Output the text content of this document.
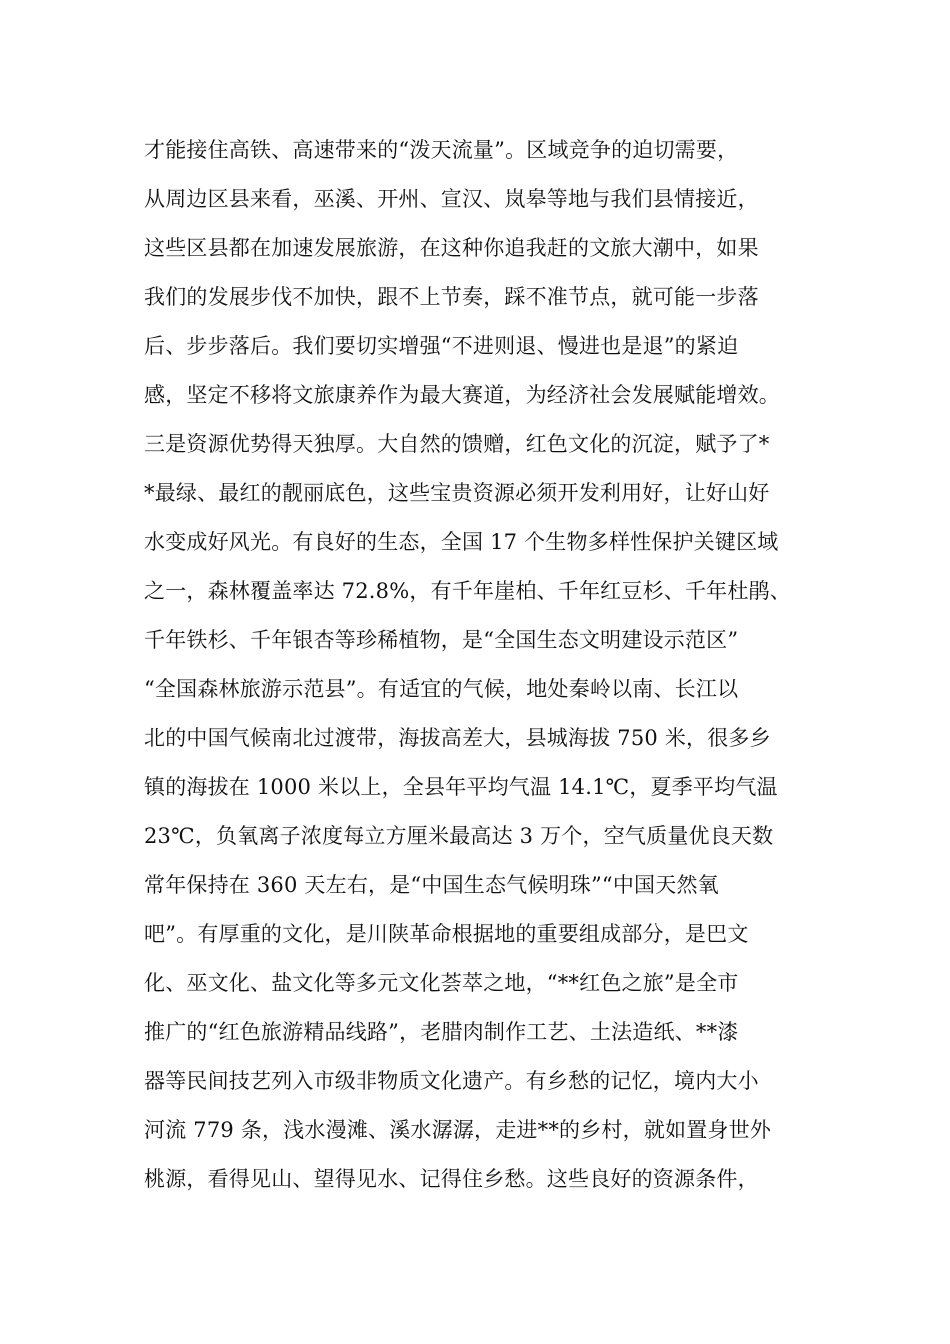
才能接住高铁、高速带来的“泼天流量”。区域竞争的迫切需要，
从周边区县来看，巫溪、开州、宣汉、岚皋等地与我们县情接近，
这些区县都在加速发展旅游，在这种你追我赶的文旅大潮中，如果
我们的发展步伐不加快，跟不上节奏，踩不准节点，就可能一步落
后、步步落后。我们要切实增强“不进则退、慢进也是退”的紧迫
感，坚定不移将文旅康养作为最大赛道，为经济社会发展赋能增效。
三是资源优势得天独厚。大自然的馈赠，红色文化的沉淀，赋予了*
*最绿、最红的靓丽底色，这些宝贵资源必须开发利用好，让好山好
水变成好风光。有良好的生态，全国 17 个生物多样性保护关键区域
之一，森林覆盖率达 72.8%，有千年崖柏、千年红豆杉、千年杜鹃、
千年铁杉、千年银杏等珍稀植物，是“全国生态文明建设示范区”
“全国森林旅游示范县”。有适宜的气候，地处秦岭以南、长江以
北的中国气候南北过渡带，海拔高差大，县城海拔 750 米，很多乡
镇的海拔在 1000 米以上，全县年平均气温 14.1℃，夏季平均气温
23℃，负氧离子浓度每立方厘米最高达 3 万个，空气质量优良天数
常年保持在 360 天左右，是“中国生态气候明珠”“中国天然氧
吧”。有厚重的文化，是川陕革命根据地的重要组成部分，是巴文
化、巫文化、盐文化等多元文化荟萃之地，“**红色之旅”是全市
推广的“红色旅游精品线路”，老腊肉制作工艺、土法造纸、**漆
器等民间技艺列入市级非物质文化遗产。有乡愁的记忆，境内大小
河流 779 条，浅水漫滩、溪水潺潺，走进**的乡村，就如置身世外
桃源，看得见山、望得见水、记得住乡愁。这些良好的资源条件，
